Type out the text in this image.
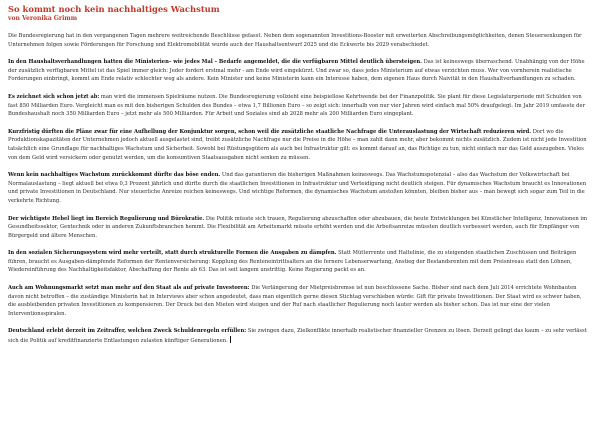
So kommt noch kein nachhaltiges Wachstum
von Veronika Grimm

Die Bundesregierung hat in den vergangenen Tagen mehrere weitreichende Beschlüsse gefasst. Neben dem sogenannten Investitions-Booster mit erweiterten Abschreibungsmöglichkeiten, denen Steuersenkungen für Unternehmen folgen sowie Förderungen für Forschung und Elektromobilität wurde auch der Haushaltsentwurf 2025 und die Eckwerte bis 2029 verabschiedet.

In den Haushaltsverhandlungen hatten die Ministerien– wie jedes Mal – Bedarfe angemeldet, die die verfügbaren Mittel deutlich übersteigen. Das ist keineswegs überraschend. Unabhängig von der Höhe der zusätzlich verfügbaren Mittel ist das Spiel immer gleich: Jeder fordert erstmal mehr - am Ende wird eingekürzt. Und zwar so, dass jedes Ministerium auf etwas verzichten muss. Wer von vornherein realistische Forderungen einbringt, kommt am Ende relativ schlechter weg als andere. Kein Minister und keine Ministerin kann ein Interesse haben, dem eigenen Haus durch Naivität in den Haushaltverhandlungen zu schaden.

Es zeichnet sich schon jetzt ab: man wird die immensen Spielräume nutzen. Die Bundesregierung vollzieht eine beispiellose Kehrtwende bei der Finanzpolitik. Sie plant für diese Legislaturperiode mit Schulden von fast 850 Milliarden Euro. Vergleicht man es mit den bisherigen Schulden des Bundes – etwa 1,7 Billionen Euro – so zeigt sich: innerhalb von nur vier Jahren wird einfach mal 50% draufgelegt. Im Jahr 2019 umfasste der Bundeshaushalt noch 350 Milliarden Euro – jetzt mehr als 500 Milliarden. Für Arbeit und Soziales sind ab 2028 mehr als 200 Milliarden Euro eingeplant.

Kurzfristig dürften die Pläne zwar für eine Aufhellung der Konjunktur sorgen, schon weil die zusätzliche staatliche Nachfrage die Unterauslastung der Wirtschaft reduzieren wird. Dort wo die Produktionskapazitäten der Unternehmen jedoch aktuell ausgelastet sind, treibt zusätzliche Nachfrage nur die Preise in die Höhe – man zahlt dann mehr, aber bekommt nichts zusätzlich. Zudem ist nicht jede Investition tatsächlich eine Grundlage für nachhaltiges Wachstum und Sicherheit. Sowohl bei Rüstungsgütern als auch bei Infrastruktur gilt: es kommt darauf an, das Richtige zu tun, nicht einfach nur das Geld auszugeben. Vieles von dem Geld wird versickern oder genutzt werden, um die konsumtiven Staatsausgaben nicht senken zu müssen.

Wenn kein nachhaltiges Wachstum zurückkommt dürfte das böse enden. Und das garantieren die bisherigen Maßnahmen keineswegs. Das Wachstumspotenzial – also das Wachstum der Volkswirtschaft bei Normalauslastung – liegt aktuell bei etwa 0,3 Prozent jährlich und dürfte durch die staatlichen Investitionen in Infrastruktur und Verteidigung nicht deutlich steigen. Für dynamisches Wachstum braucht es Innovationen und private Investitionen in Deutschland. Nur steuerliche Anreize reichen keineswegs. Und wichtige Reformen, die dynamisches Wachstum anstoßen könnten, bleiben bisher aus – man bewegt sich sogar zum Teil in die verkehrte Richtung.

Der wichtigste Hebel liegt im Bereich Regulierung und Bürokratie. Die Politik müsste sich trauen, Regulierung abzuschaffen oder abzubauen, die heute Entwicklungen bei Künstlicher Intelligenz, Innovationen im Gesundheitssektor, Gentechnik oder in anderen Zukunftsbranchen hemmt. Die Flexibilität am Arbeitsmarkt müsste erhöht werden und die Arbeitsanreize müssten deutlich verbessert werden, auch für Empfänger von Bürgergeld und ältere Menschen.

In den sozialen Sicherungssystem wird mehr verteilt, statt durch strukturelle Formen die Ausgaben zu dämpfen. Statt Mütterrente und Haltelinie, die zu steigenden staatlichen Zuschüssen und Beiträgen führen, braucht es Ausgaben-dämpfende Reformen der Rentenversicherung: Kopplung des Renteneintrittsalters an die fernere Lebenserwartung, Anstieg der Bestandsrenten mit dem Preisniveau statt den Löhnen, Wiedereinführung des Nachhaltigkeitsfaktor, Abschaffung der Rente ab 63. Das ist seit langem unstrittig. Keine Regierung packt es an.

Auch am Wohnungsmarkt setzt man mehr auf den Staat als auf private Investoren: Die Verlängerung der Mietpreisbremse ist nun beschlossene Sache. Bisher sind nach dem Juli 2014 errichtete Wohnbauten davon nicht betroffen – die zuständige Ministerin hat in Interviews aber schon angedeutet, dass man eigentlich gerne diesen Stichtag verschieben würde: Gift für private Investitionen. Der Staat wird es schwer haben, die ausbleibenden privaten Investitionen zu kompensieren. Der Druck bei den Mieten wird steigen und der Ruf nach staatlicher Regulierung noch lauter werden als bisher schon. Das ist nur eine der vielen Interventionsspiralen.

Deutschland erlebt derzeit im Zeitraffer, welchen Zweck Schuldenregeln erfüllen: Sie zwingen dazu, Zielkonflikte innerhalb realistischer finanzieller Grenzen zu lösen. Derzeit gelingt das kaum – zu sehr verlässt sich die Politik auf kreditfinanzierte Entlastungen zulasten künftiger Generationen.
